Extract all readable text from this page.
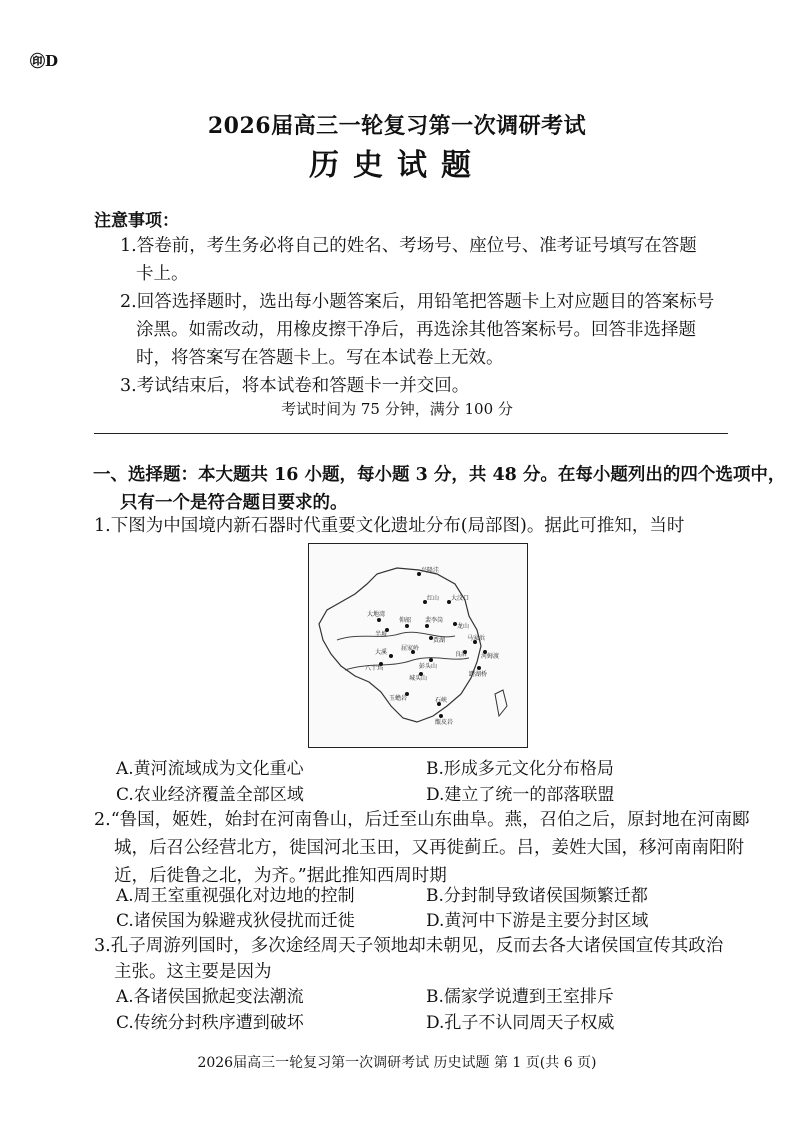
㊞D
2026届高三一轮复习第一次调研考试
历史试题
注意事项：
1.答卷前，考生务必将自己的姓名、考场号、座位号、准考证号填写在答题
卡上。
2.回答选择题时，选出每小题答案后，用铅笔把答题卡上对应题目的答案标号
涂黑。如需改动，用橡皮擦干净后，再选涂其他答案标号。回答非选择题
时，将答案写在答题卡上。写在本试卷上无效。
3.考试结束后，将本试卷和答题卡一并交回。
考试时间为 75 分钟，满分 100 分
一、选择题：本大题共 16 小题，每小题 3 分，共 48 分。在每小题列出的四个选项中，
只有一个是符合题目要求的。
1.下图为中国境内新石器时代重要文化遗址分布(局部图)。据此可推知，当时
兴隆洼
红山 大汶口
大地湾
半坡
仰韶 裴李岗
贾湖
龙山
马家浜
良渚 河姆渡
屈家岭
大溪
八十垱	彭头山
城头山
玉蟾岩	石峡
甑皮岩
跨湖桥
A.黄河流域成为文化重心	B.形成多元文化分布格局
C.农业经济覆盖全部区域	D.建立了统一的部落联盟
2.“鲁国，姬姓，始封在河南鲁山，后迁至山东曲阜。燕，召伯之后，原封地在河南郾
城，后召公经营北方，徙国河北玉田，又再徙蓟丘。吕，姜姓大国，移河南南阳附
近，后徙鲁之北，为齐。”据此推知西周时期
A.周王室重视强化对边地的控制	B.分封制导致诸侯国频繁迁都
C.诸侯国为躲避戎狄侵扰而迁徙	D.黄河中下游是主要分封区域
3.孔子周游列国时，多次途经周天子领地却未朝见，反而去各大诸侯国宣传其政治
主张。这主要是因为
A.各诸侯国掀起变法潮流	B.儒家学说遭到王室排斥
C.传统分封秩序遭到破坏	D.孔子不认同周天子权威
2026届高三一轮复习第一次调研考试 历史试题 第 1 页(共 6 页)
